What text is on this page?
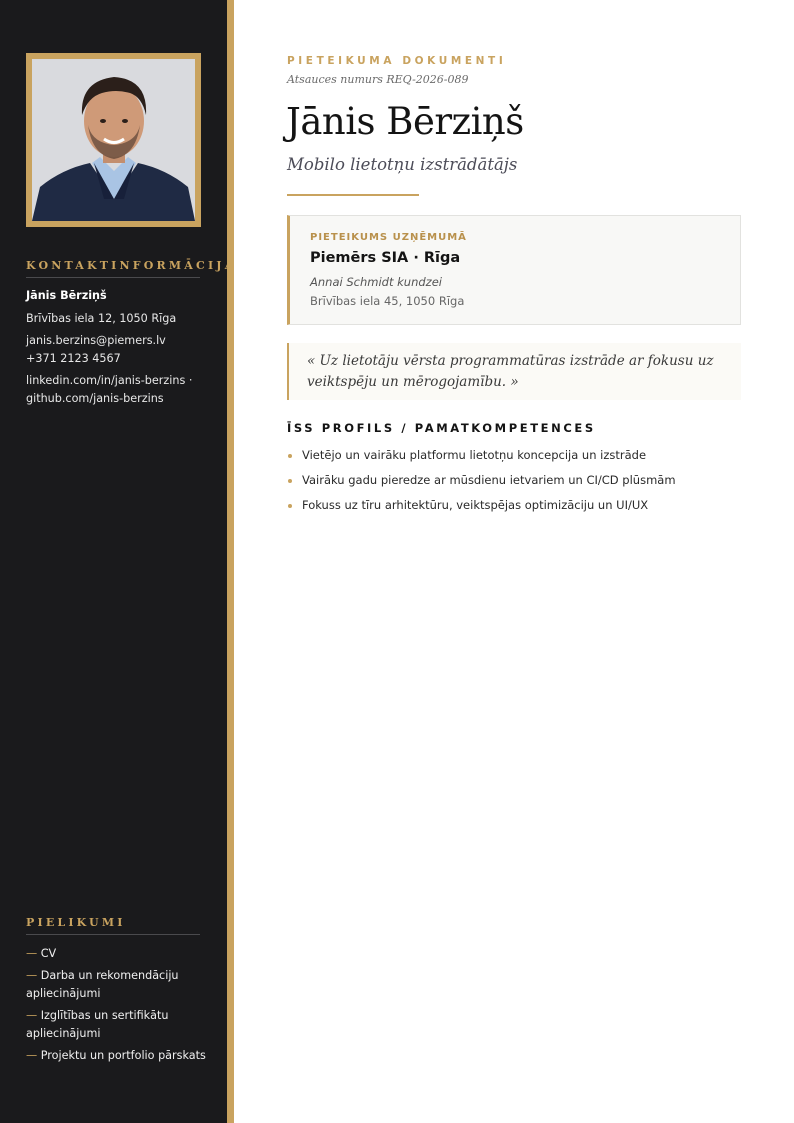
KONTAKTINFORMĀCIJA
Jānis Bērziņš
Brīvības iela 12, 1050 Rīga
janis.berzins@piemers.lv
+371 2123 4567
linkedin.com/in/janis-berzins ·
github.com/janis-berzins
PIELIKUMI
— CV
— Darba un rekomendāciju
apliecinājumi
— Izglītības un sertifikātu
apliecinājumi
— Projektu un portfolio pārskats
PIETEIKUMA DOKUMENTI
Atsauces numurs REQ-2026-089
Jānis Bērziņš
Mobilo lietotņu izstrādātājs
PIETEIKUMS UZŅĒMUMĀ
Piemērs SIA · Rīga
Annai Schmidt kundzei
Brīvības iela 45, 1050 Rīga
« Uz lietotāju vērsta programmatūras izstrāde ar fokusu uz
veiktspēju un mērogojamību. »
ĪSS PROFILS / PAMATKOMPETENCES
Vietējo un vairāku platformu lietotņu koncepcija un izstrāde
Vairāku gadu pieredze ar mūsdienu ietvariem un CI/CD plūsmām
Fokuss uz tīru arhitektūru, veiktspējas optimizāciju un UI/UX
